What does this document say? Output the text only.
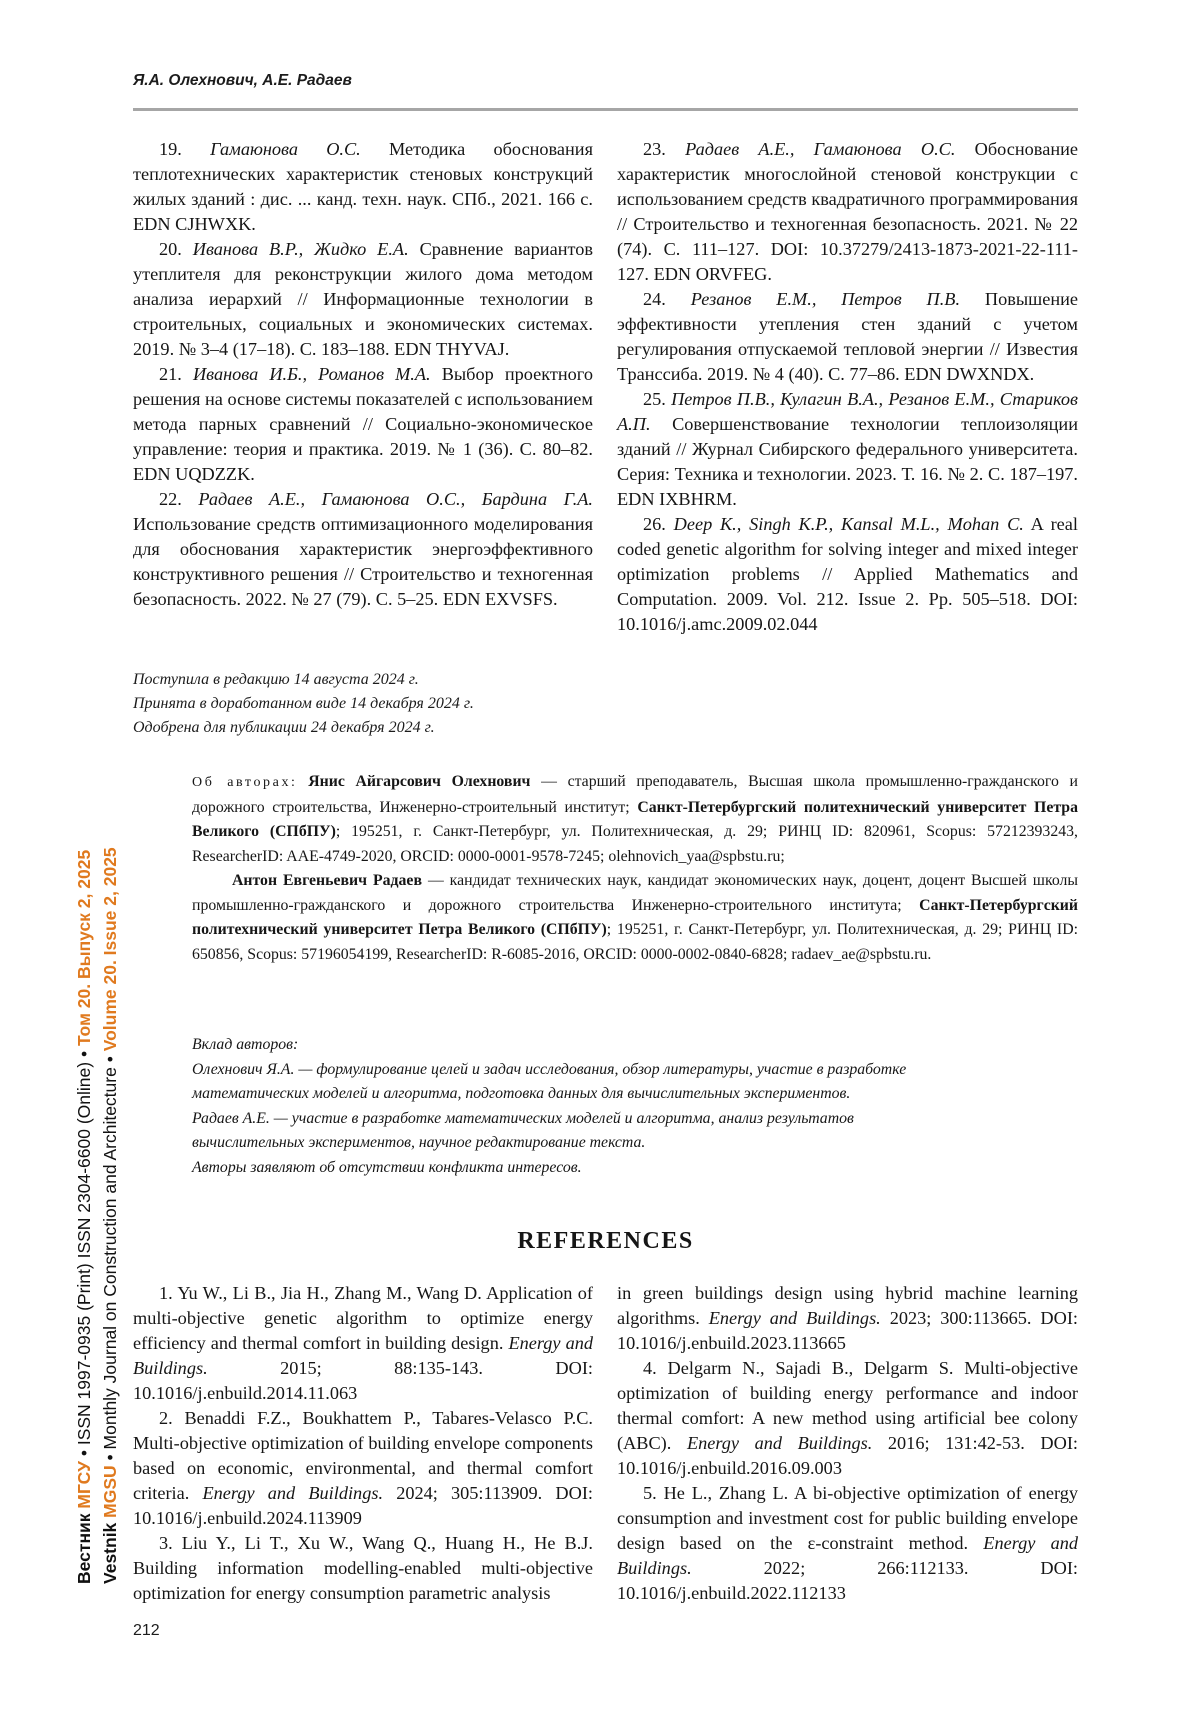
Я.А. Олехнович, А.Е. Радаев

19. Гамаюнова О.С. Методика обоснования теплотехнических характеристик стеновых конструкций жилых зданий : дис. ... канд. техн. наук. СПб., 2021. 166 с. EDN CJHWXK.

20. Иванова В.Р., Жидко Е.А. Сравнение вариантов утеплителя для реконструкции жилого дома методом анализа иерархий // Информационные технологии в строительных, социальных и экономических системах. 2019. № 3–4 (17–18). С. 183–188. EDN THYVAJ.

21. Иванова И.Б., Романов М.А. Выбор проектного решения на основе системы показателей с использованием метода парных сравнений // Социально-экономическое управление: теория и практика. 2019. № 1 (36). С. 80–82. EDN UQDZZK.

22. Радаев А.Е., Гамаюнова О.С., Бардина Г.А. Использование средств оптимизационного моделирования для обоснования характеристик энергоэффективного конструктивного решения // Строительство и техногенная безопасность. 2022. № 27 (79). С. 5–25. EDN EXVSFS.

23. Радаев А.Е., Гамаюнова О.С. Обоснование характеристик многослойной стеновой конструкции с использованием средств квадратичного программирования // Строительство и техногенная безопасность. 2021. № 22 (74). С. 111–127. DOI: 10.37279/2413-1873-2021-22-111-127. EDN ORVFEG.

24. Резанов Е.М., Петров П.В. Повышение эффективности утепления стен зданий с учетом регулирования отпускаемой тепловой энергии // Известия Транссиба. 2019. № 4 (40). С. 77–86. EDN DWXNDX.

25. Петров П.В., Кулагин В.А., Резанов Е.М., Стариков А.П. Совершенствование технологии теплоизоляции зданий // Журнал Сибирского федерального университета. Серия: Техника и технологии. 2023. Т. 16. № 2. С. 187–197. EDN IXBHRM.

26. Deep K., Singh K.P., Kansal M.L., Mohan C. A real coded genetic algorithm for solving integer and mixed integer optimization problems // Applied Mathematics and Computation. 2009. Vol. 212. Issue 2. Pp. 505–518. DOI: 10.1016/j.amc.2009.02.044

Поступила в редакцию 14 августа 2024 г.
Принята в доработанном виде 14 декабря 2024 г.
Одобрена для публикации 24 декабря 2024 г.

Об авторах: Янис Айгарсович Олехнович — старший преподаватель, Высшая школа промышленно-гражданского и дорожного строительства, Инженерно-строительный институт; Санкт-Петербургский политехнический университет Петра Великого (СПбПУ); 195251, г. Санкт-Петербург, ул. Политехническая, д. 29; РИНЦ ID: 820961, Scopus: 57212393243, ResearcherID: AAE-4749-2020, ORCID: 0000-0001-9578-7245; olehnovich_yaa@spbstu.ru;

Антон Евгеньевич Радаев — кандидат технических наук, кандидат экономических наук, доцент, доцент Высшей школы промышленно-гражданского и дорожного строительства Инженерно-строительного института; Санкт-Петербургский политехнический университет Петра Великого (СПбПУ); 195251, г. Санкт-Петербург, ул. Политехническая, д. 29; РИНЦ ID: 650856, Scopus: 57196054199, ResearcherID: R-6085-2016, ORCID: 0000-0002-0840-6828; radaev_ae@spbstu.ru.

Вклад авторов:
Олехнович Я.А. — формулирование целей и задач исследования, обзор литературы, участие в разработке
математических моделей и алгоритма, подготовка данных для вычислительных экспериментов.
Радаев А.Е. — участие в разработке математических моделей и алгоритма, анализ результатов
вычислительных экспериментов, научное редактирование текста.
Авторы заявляют об отсутствии конфликта интересов.
REFERENCES

1. Yu W., Li B., Jia H., Zhang M., Wang D. Application of multi-objective genetic algorithm to optimize energy efficiency and thermal comfort in building design. Energy and Buildings.	2015; 88:135-143. DOI: 10.1016/j.enbuild.2014.11.063

2. Benaddi F.Z., Boukhattem P., Tabares-Velasco P.C. Multi-objective optimization of building envelope components based on economic, environmental, and thermal comfort criteria. Energy and Buildings. 2024; 305:113909. DOI: 10.1016/j.enbuild.2024.113909

3. Liu Y., Li T., Xu W., Wang Q., Huang H., He B.J. Building information modelling-enabled multi-objective optimization for energy consumption parametric analysis

in green buildings design using hybrid machine learning algorithms. Energy and Buildings. 2023; 300:113665. DOI: 10.1016/j.enbuild.2023.113665

4. Delgarm N., Sajadi B., Delgarm S. Multi-objective optimization of building energy performance and indoor thermal comfort: A new method using artificial bee colony (ABC). Energy and Buildings. 2016; 131:42-53. DOI: 10.1016/j.enbuild.2016.09.003

5. He L., Zhang L. A bi-objective optimization of energy consumption and investment cost for public building envelope design based on the ε-constraint method. Energy and Buildings.	2022; 266:112133. DOI: 10.1016/j.enbuild.2022.112133

212
Вестник МГСУ • ISSN 1997-0935 (Print) ISSN 2304-6600 (Online) • Том 20. Выпуск 2, 2025
Vestnik MGSU • Monthly Journal on Construction and Architecture • Volume 20. Issue 2, 2025
